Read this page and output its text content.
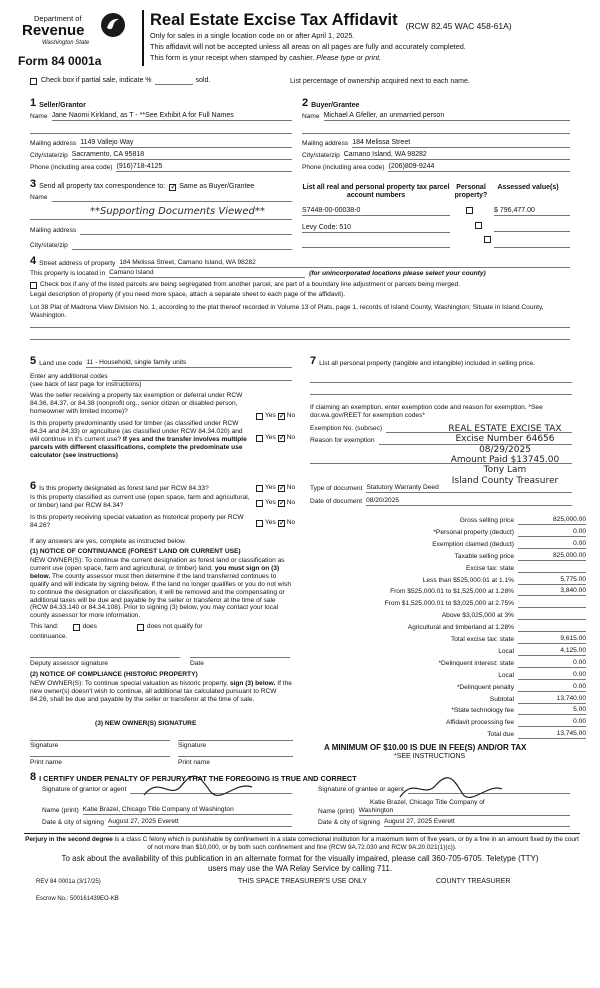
Department of
Revenue
Washington State
Form 84 0001a
Real Estate Excise Tax Affidavit (RCW 82.45 WAC 458-61A)
Only for sales in a single location code on or after April 1, 2025.
This affidavit will not be accepted unless all areas on all pages are fully and accurately completed.
This form is your receipt when stamped by cashier. Please type or print.
Check box if partial sale, indicate %	sold.	List percentage of ownership acquired next to each name.
1 Seller/Grantor
Name Jane Naomi Kirkland, as T - **See Exhibit A for Full Names
Mailing address 1149 Vallejo Way
City/state/zip Sacramento, CA 95818
Phone (including area code) (916)718-4125
2 Buyer/Grantee
Name Michael A Gfeller, an unmarried person
Mailing address 184 Melissa Street
City/state/zip Camano Island, WA 98282
Phone (including area code) (206)809-9244
3 Send all property tax correspondence to: ✓ Same as Buyer/Grantee
Name
**Supporting Documents Viewed**
Mailing address
City/state/zip
List all real and personal property tax parcel account numbers
Personal property?
Assessed value(s)
S7448-00-00038-0
	$ 796,477.00
Levy Code: 510

4 Street address of property 184 Melissa Street, Camano Island, WA 98282
This property is located in Camano Island	(for unincorporated locations please select your county)
Check box if any of the listed parcels are being segregated from another parcel, are part of a boundary line adjustment or parcels being merged.
Legal description of property (if you need more space, attach a separate sheet to each page of the affidavit).
Lot 38 Plat of Madrona View Division No. 1, according to the plat thereof recorded in Volume 13 of Plats, page 1, records of Island County, Washington; Situate in Island County, Washington.
5 Land use code 11 - Household, single family units
Enter any additional codes
(see back of last page for instructions)
Was the seller receiving a property tax exemption or deferral under RCW 84.36, 84.37, or 84.38 (nonprofit org., senior citizen or disabled person, homeowner with limited income)?
Yes ✓ No
Is this property predominantly used for timber (as classified under RCW 84.34 and 84.33) or agriculture (as classified under RCW 84.34.020) and will continue in it's current use? If yes and the transfer involves multiple parcels with different classifications, complete the predominate use calculator (see instructions)
Yes ✓ No
6 Is this property designated as forest land per RCW 84.33?	Yes ✓ No
Is this property classified as current use (open space, farm and agricultural, or timber) land per RCW 84.34?	Yes ✓ No
Is this property receiving special valuation as historical property per RCW 84.26?	Yes ✓ No
If any answers are yes, complete as instructed below.
(1) NOTICE OF CONTINUANCE (FOREST LAND OR CURRENT USE)
NEW OWNER(S): To continue the current designation as forest land or classification as current use (open space, farm and agricultural, or timber) land, you must sign on (3) below. The county assessor must then determine if the land transferred continues to qualify and will indicate by signing below. If the land no longer qualifies or you do not wish to continue the designation or classification, it will be removed and the compensating or additional taxes will be due and payable by the seller or transferor at the time of sale (RCW 84.33.140 or 84.34.108). Prior to signing (3) below, you may contact your local county assessor for more information.
This land:	does	does not qualify for
continuance.
Deputy assessor signature	Date
(2) NOTICE OF COMPLIANCE (HISTORIC PROPERTY)
NEW OWNER(S): To continue special valuation as historic property, sign (3) below. If the new owner(s) doesn't wish to continue, all additional tax calculated pursuant to RCW 84.26, shall be due and payable by the seller or transferor at the time of sale.
(3) NEW OWNER(S) SIGNATURE
Signature	Signature
Print name	Print name
7 List all personal property (tangible and intangible) included in selling price.
If claiming an exemption, enter exemption code and reason for exemption. *See dor.wa.gov/REET for exemption codes*
Exemption No. (sub/sec)
Reason for exemption
REAL ESTATE EXCISE TAX
Excise Number 64656
08/29/2025
Amount Paid $13745.00
Tony Lam
Island County Treasurer
Type of document Statutory Warranty Deed
Date of document 08/20/2025
Gross selling price	825,000.00
*Personal property (deduct)	0.00
Exemption claimed (deduct)	0.00
Taxable selling price	825,000.00
Excise tax: state
Less than $525,000.01 at 1.1%	5,775.00
From $525,000.01 to $1,525,000 at 1.28%	3,840.00
From $1,525,000.01 to $3,025,000 at 2.75%
Above $3,025,000 at 3%
Agricultural and timberland at 1.28%
Total excise tax: state	9,615.00
Local	4,125.00
*Delinquent interest: state	0.00
Local	0.00
*Delinquent penalty	0.00
Subtotal	13,740.00
*State technology fee	5.00
Affidavit processing fee	0.00
Total due	13,745.00
A MINIMUM OF $10.00 IS DUE IN FEE(S) AND/OR TAX
*SEE INSTRUCTIONS
8 I CERTIFY UNDER PENALTY OF PERJURY THAT THE FOREGOING IS TRUE AND CORRECT
Signature of grantor or agent
Name (print) Katie Brazel, Chicago Title Company of Washington
Date & city of signing August 27, 2025 Everett
Signature of grantee or agent
Katie Brazel, Chicago Title Company of
Name (print) Washington
Date & city of signing August 27, 2025 Everett
Perjury in the second degree is a class C felony which is punishable by confinement in a state correctional institution for a maximum term of five years, or by a fine in an amount fixed by the court of not more than $10,000, or by both such confinement and fine (RCW 9A.72.030 and RCW 9A.20.021(1)(c)).
To ask about the availability of this publication in an alternate format for the visually impaired, please call 360-705-6705. Teletype (TTY) users may use the WA Relay Service by calling 711.
REV 84 0001a (3/17/25)	THIS SPACE TREASURER'S USE ONLY	COUNTY TREASURER
Escrow No.: 500161439EO-KB
